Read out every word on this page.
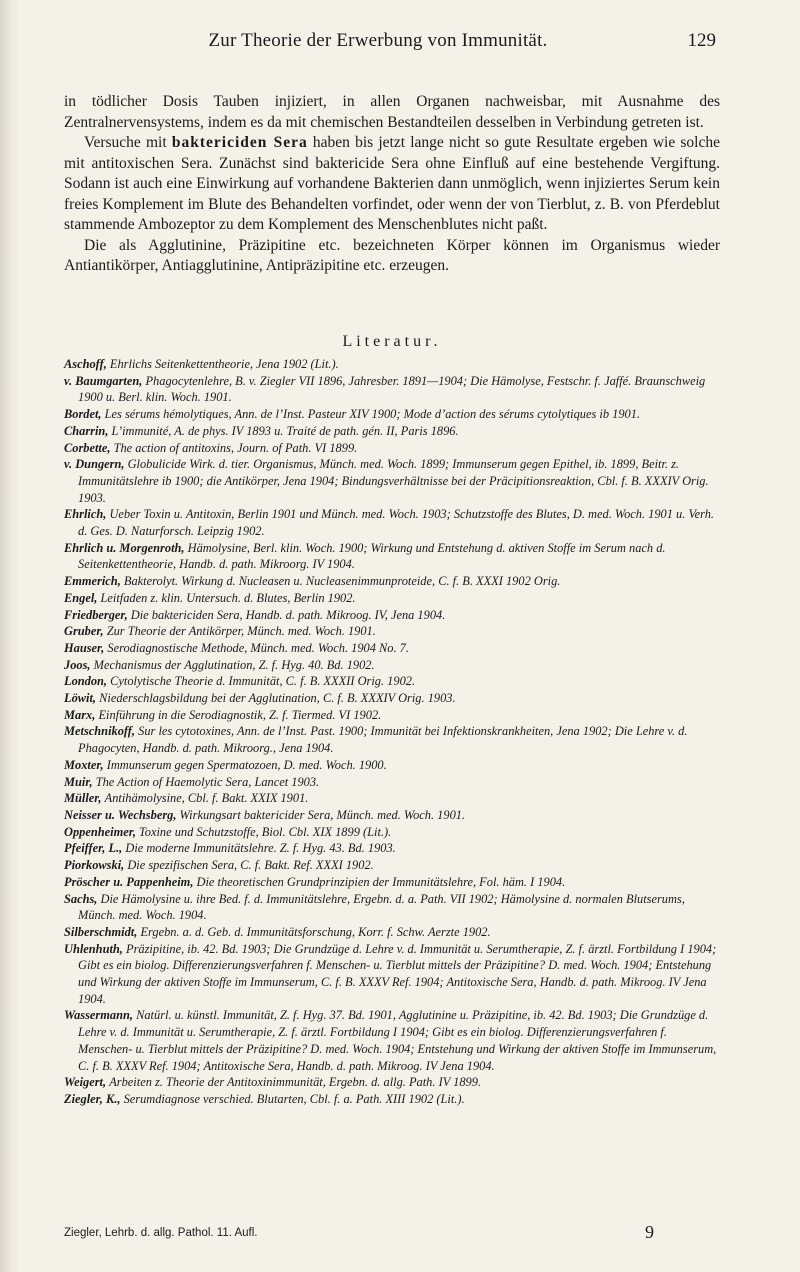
Zur Theorie der Erwerbung von Immunität.	129

in tödlicher Dosis Tauben injiziert, in allen Organen nachweisbar, mit Ausnahme des Zentralnervensystems, indem es da mit chemischen Bestandteilen desselben in Verbindung getreten ist.

Versuche mit baktericiden Sera haben bis jetzt lange nicht so gute Resultate ergeben wie solche mit antitoxischen Sera. Zunächst sind baktericide Sera ohne Einfluß auf eine bestehende Vergiftung. Sodann ist auch eine Einwirkung auf vorhandene Bakterien dann unmöglich, wenn injiziertes Serum kein freies Komplement im Blute des Behandelten vorfindet, oder wenn der von Tierblut, z. B. von Pferdeblut stammende Ambozeptor zu dem Komplement des Menschenblutes nicht paßt.

Die als Agglutinine, Präzipitine etc. bezeichneten Körper können im Organismus wieder Antiantikörper, Antiagglutinine, Antipräzipitine etc. erzeugen.

Literatur.

Aschoff, Ehrlichs Seitenkettentheorie, Jena 1902 (Lit.).

v. Baumgarten, Phagocytenlehre, B. v. Ziegler VII 1896, Jahresber. 1891—1904; Die Hämolyse, Festschr. f. Jaffé. Braunschweig 1900 u. Berl. klin. Woch. 1901.

Bordet, Les sérums hémolytiques, Ann. de l’Inst. Pasteur XIV 1900; Mode d’action des sérums cytolytiques ib 1901.

Charrin, L’immunité, A. de phys. IV 1893 u. Traité de path. gén. II, Paris 1896.

Corbette, The action of antitoxins, Journ. of Path. VI 1899.

v. Dungern, Globulicide Wirk. d. tier. Organismus, Münch. med. Woch. 1899; Immunserum gegen Epithel, ib. 1899, Beitr. z. Immunitätslehre ib 1900; die Antikörper, Jena 1904; Bindungsverhältnisse bei der Präcipitionsreaktion, Cbl. f. B. XXXIV Orig. 1903.

Ehrlich, Ueber Toxin u. Antitoxin, Berlin 1901 und Münch. med. Woch. 1903; Schutzstoffe des Blutes, D. med. Woch. 1901 u. Verh. d. Ges. D. Naturforsch. Leipzig 1902.

Ehrlich u. Morgenroth, Hämolysine, Berl. klin. Woch. 1900; Wirkung und Entstehung d. aktiven Stoffe im Serum nach d. Seitenkettentheorie, Handb. d. path. Mikroorg. IV 1904.

Emmerich, Bakterolyt. Wirkung d. Nucleasen u. Nucleasenimmunproteide, C. f. B. XXXI 1902 Orig.

Engel, Leitfaden z. klin. Untersuch. d. Blutes, Berlin 1902.

Friedberger, Die baktericiden Sera, Handb. d. path. Mikroog. IV, Jena 1904.

Gruber, Zur Theorie der Antikörper, Münch. med. Woch. 1901.

Hauser, Serodiagnostische Methode, Münch. med. Woch. 1904 No. 7.

Joos, Mechanismus der Agglutination, Z. f. Hyg. 40. Bd. 1902.

London, Cytolytische Theorie d. Immunität, C. f. B. XXXII Orig. 1902.

Löwit, Niederschlagsbildung bei der Agglutination, C. f. B. XXXIV Orig. 1903.

Marx, Einführung in die Serodiagnostik, Z. f. Tiermed. VI 1902.

Metschnikoff, Sur les cytotoxines, Ann. de l’Inst. Past. 1900; Immunität bei Infektionskrankheiten, Jena 1902; Die Lehre v. d. Phagocyten, Handb. d. path. Mikroorg., Jena 1904.

Moxter, Immunserum gegen Spermatozoen, D. med. Woch. 1900.

Muir, The Action of Haemolytic Sera, Lancet 1903.

Müller, Antihämolysine, Cbl. f. Bakt. XXIX 1901.

Neisser u. Wechsberg, Wirkungsart baktericider Sera, Münch. med. Woch. 1901.

Oppenheimer, Toxine und Schutzstoffe, Biol. Cbl. XIX 1899 (Lit.).

Pfeiffer, L., Die moderne Immunitätslehre. Z. f. Hyg. 43. Bd. 1903.

Piorkowski, Die spezifischen Sera, C. f. Bakt. Ref. XXXI 1902.

Pröscher u. Pappenheim, Die theoretischen Grundprinzipien der Immunitätslehre, Fol. häm. I 1904.

Sachs, Die Hämolysine u. ihre Bed. f. d. Immunitätslehre, Ergebn. d. a. Path. VII 1902; Hämolysine d. normalen Blutserums, Münch. med. Woch. 1904.

Silberschmidt, Ergebn. a. d. Geb. d. Immunitätsforschung, Korr. f. Schw. Aerzte 1902.

Uhlenhuth, Präzipitine, ib. 42. Bd. 1903; Die Grundzüge d. Lehre v. d. Immunität u. Serumtherapie, Z. f. ärztl. Fortbildung I 1904; Gibt es ein biolog. Differenzierungsverfahren f. Menschen- u. Tierblut mittels der Präzipitine? D. med. Woch. 1904; Entstehung und Wirkung der aktiven Stoffe im Immunserum, C. f. B. XXXV Ref. 1904; Antitoxische Sera, Handb. d. path. Mikroog. IV Jena 1904.

Wassermann, Natürl. u. künstl. Immunität, Z. f. Hyg. 37. Bd. 1901, Agglutinine u. Präzipitine, ib. 42. Bd. 1903; Die Grundzüge d. Lehre v. d. Immunität u. Serumtherapie, Z. f. ärztl. Fortbildung I 1904; Gibt es ein biolog. Differenzierungsverfahren f. Menschen- u. Tierblut mittels der Präzipitine? D. med. Woch. 1904; Entstehung und Wirkung der aktiven Stoffe im Immunserum, C. f. B. XXXV Ref. 1904; Antitoxische Sera, Handb. d. path. Mikroog. IV Jena 1904.

Weigert, Arbeiten z. Theorie der Antitoxinimmunität, Ergebn. d. allg. Path. IV 1899.

Ziegler, K., Serumdiagnose verschied. Blutarten, Cbl. f. a. Path. XIII 1902 (Lit.).

Ziegler, Lehrb. d. allg. Pathol. 11. Aufl.	9
